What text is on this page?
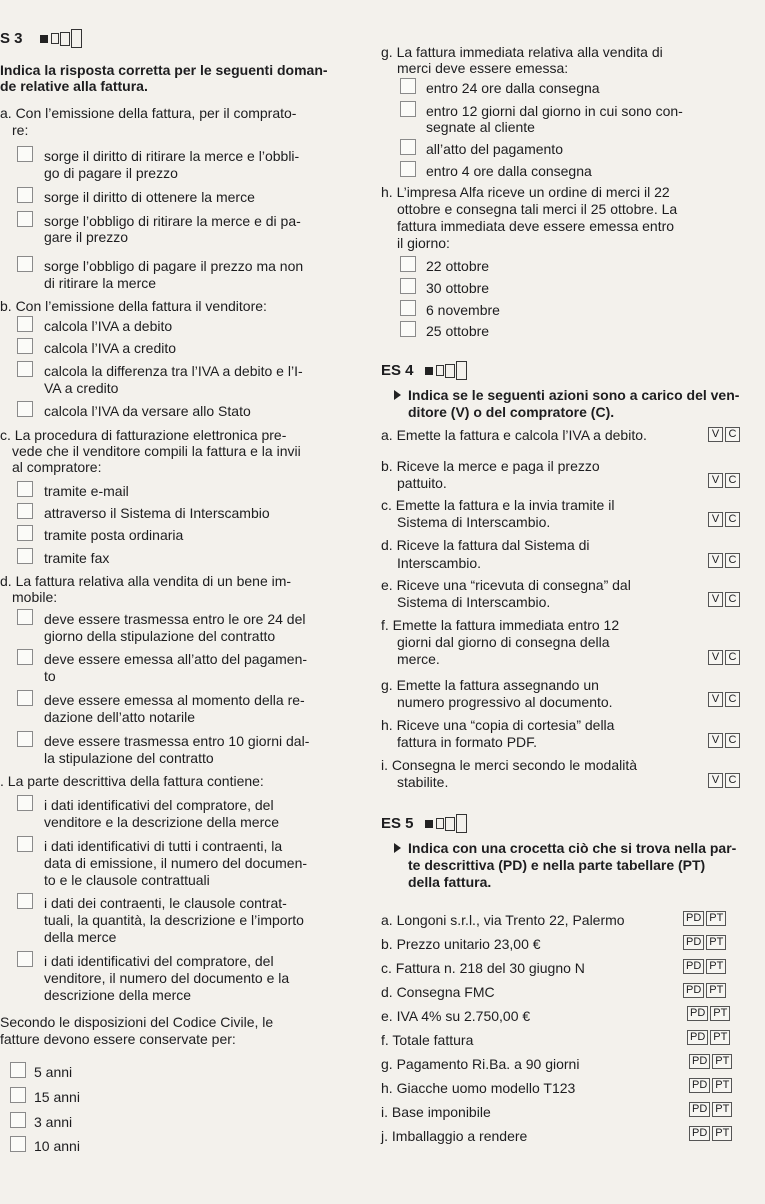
S 3
Indica la risposta corretta per le seguenti doman-
de relative alla fattura.
a. Con l’emissione della fattura, per il comprato-
re:
sorge il diritto di ritirare la merce e l’obbli-
go di pagare il prezzo
sorge il diritto di ottenere la merce
sorge l’obbligo di ritirare la merce e di pa-
gare il prezzo
sorge l’obbligo di pagare il prezzo ma non
di ritirare la merce
b. Con l’emissione della fattura il venditore:
calcola l’IVA a debito
calcola l’IVA a credito
calcola la differenza tra l’IVA a debito e l’I-
VA a credito
calcola l’IVA da versare allo Stato
c. La procedura di fatturazione elettronica pre-
vede che il venditore compili la fattura e la invii
al compratore:
tramite e-mail
attraverso il Sistema di Interscambio
tramite posta ordinaria
tramite fax
d. La fattura relativa alla vendita di un bene im-
mobile:
deve essere trasmessa entro le ore 24 del
giorno della stipulazione del contratto
deve essere emessa all’atto del pagamen-
to
deve essere emessa al momento della re-
dazione dell’atto notarile
deve essere trasmessa entro 10 giorni dal-
la stipulazione del contratto
. La parte descrittiva della fattura contiene:
i dati identificativi del compratore, del
venditore e la descrizione della merce
i dati identificativi di tutti i contraenti, la
data di emissione, il numero del documen-
to e le clausole contrattuali
i dati dei contraenti, le clausole contrat-
tuali, la quantità, la descrizione e l’importo
della merce
i dati identificativi del compratore, del
venditore, il numero del documento e la
descrizione della merce
Secondo le disposizioni del Codice Civile, le
fatture devono essere conservate per:
5 anni
15 anni
3 anni
10 anni
g. La fattura immediata relativa alla vendita di
merci deve essere emessa:
entro 24 ore dalla consegna
entro 12 giorni dal giorno in cui sono con-
segnate al cliente
all’atto del pagamento
entro 4 ore dalla consegna
h. L’impresa Alfa riceve un ordine di merci il 22
ottobre e consegna tali merci il 25 ottobre. La
fattura immediata deve essere emessa entro
il giorno:
22 ottobre
30 ottobre
6 novembre
25 ottobre
ES 4
Indica se le seguenti azioni sono a carico del ven-
ditore (V) o del compratore (C).
a. Emette la fattura e calcola l’IVA a debito.
b. Riceve la merce e paga il prezzo
pattuito.
c. Emette la fattura e la invia tramite il
Sistema di Interscambio.
d. Riceve la fattura dal Sistema di
Interscambio.
e. Riceve una “ricevuta di consegna” dal
Sistema di Interscambio.
f. Emette la fattura immediata entro 12
giorni dal giorno di consegna della
merce.
g. Emette la fattura assegnando un
numero progressivo al documento.
h. Riceve una “copia di cortesia” della
fattura in formato PDF.
i. Consegna le merci secondo le modalità
stabilite.
ES 5
Indica con una crocetta ciò che si trova nella par-
te descrittiva (PD) e nella parte tabellare (PT)
della fattura.
a. Longoni s.r.l., via Trento 22, Palermo
b. Prezzo unitario 23,00 €
c. Fattura n. 218 del 30 giugno N
d. Consegna FMC
e. IVA 4% su 2.750,00 €
f. Totale fattura
g. Pagamento Ri.Ba. a 90 giorni
h. Giacche uomo modello T123
i. Base imponibile
j. Imballaggio a rendere
V C
V C
V C
V C
V C
V C
V C
V C
V C
PD PT
PD PT
PD PT
PD PT
PD PT
PD PT
PD PT
PD PT
PD PT
PD PT
